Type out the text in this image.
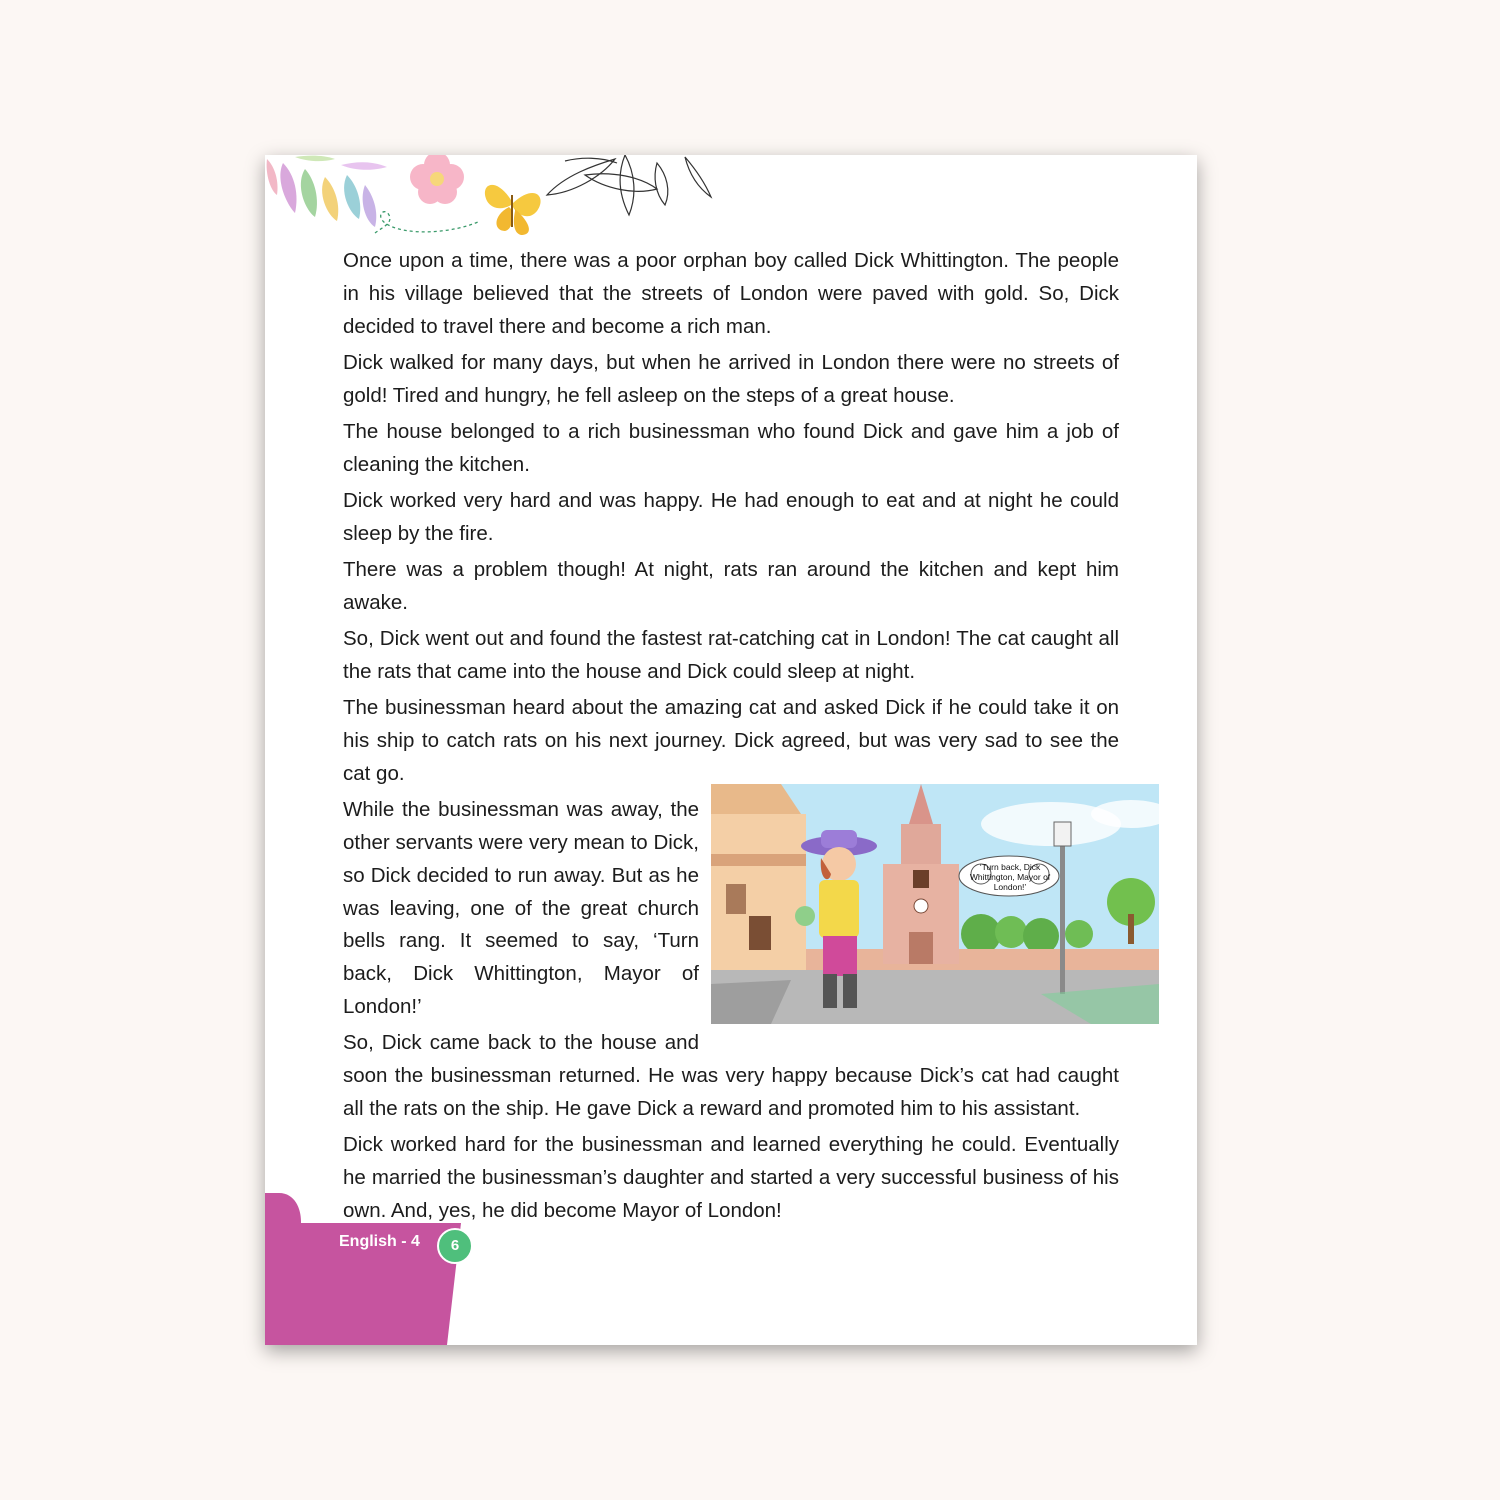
Once upon a time, there was a poor orphan boy called Dick Whittington. The people in his village believed that the streets of London were paved with gold. So, Dick decided to travel there and become a rich man.

Dick walked for many days, but when he arrived in London there were no streets of gold! Tired and hungry, he fell asleep on the steps of a great house.

The house belonged to a rich businessman who found Dick and gave him a job of cleaning the kitchen.

Dick worked very hard and was happy. He had enough to eat and at night he could sleep by the fire.

There was a problem though! At night, rats ran around the kitchen and kept him awake.

So, Dick went out and found the fastest rat-catching cat in London! The cat caught all the rats that came into the house and Dick could sleep at night.

The businessman heard about the amazing cat and asked Dick if he could take it on his ship to catch rats on his next journey. Dick agreed, but was very sad to see the cat go.

‘Turn back, Dick Whittington, Mayor of London!’

While the businessman was away, the other servants were very mean to Dick, so Dick decided to run away. But as he was leaving, one of the great church bells rang. It seemed to say, ‘Turn back, Dick Whittington, Mayor of London!’

So, Dick came back to the house and soon the businessman returned. He was very happy because Dick’s cat had caught all the rats on the ship. He gave Dick a reward and promoted him to his assistant.

Dick worked hard for the businessman and learned everything he could. Eventually he married the businessman’s daughter and started a very successful business of his own. And, yes, he did become Mayor of London!

English - 4	6
